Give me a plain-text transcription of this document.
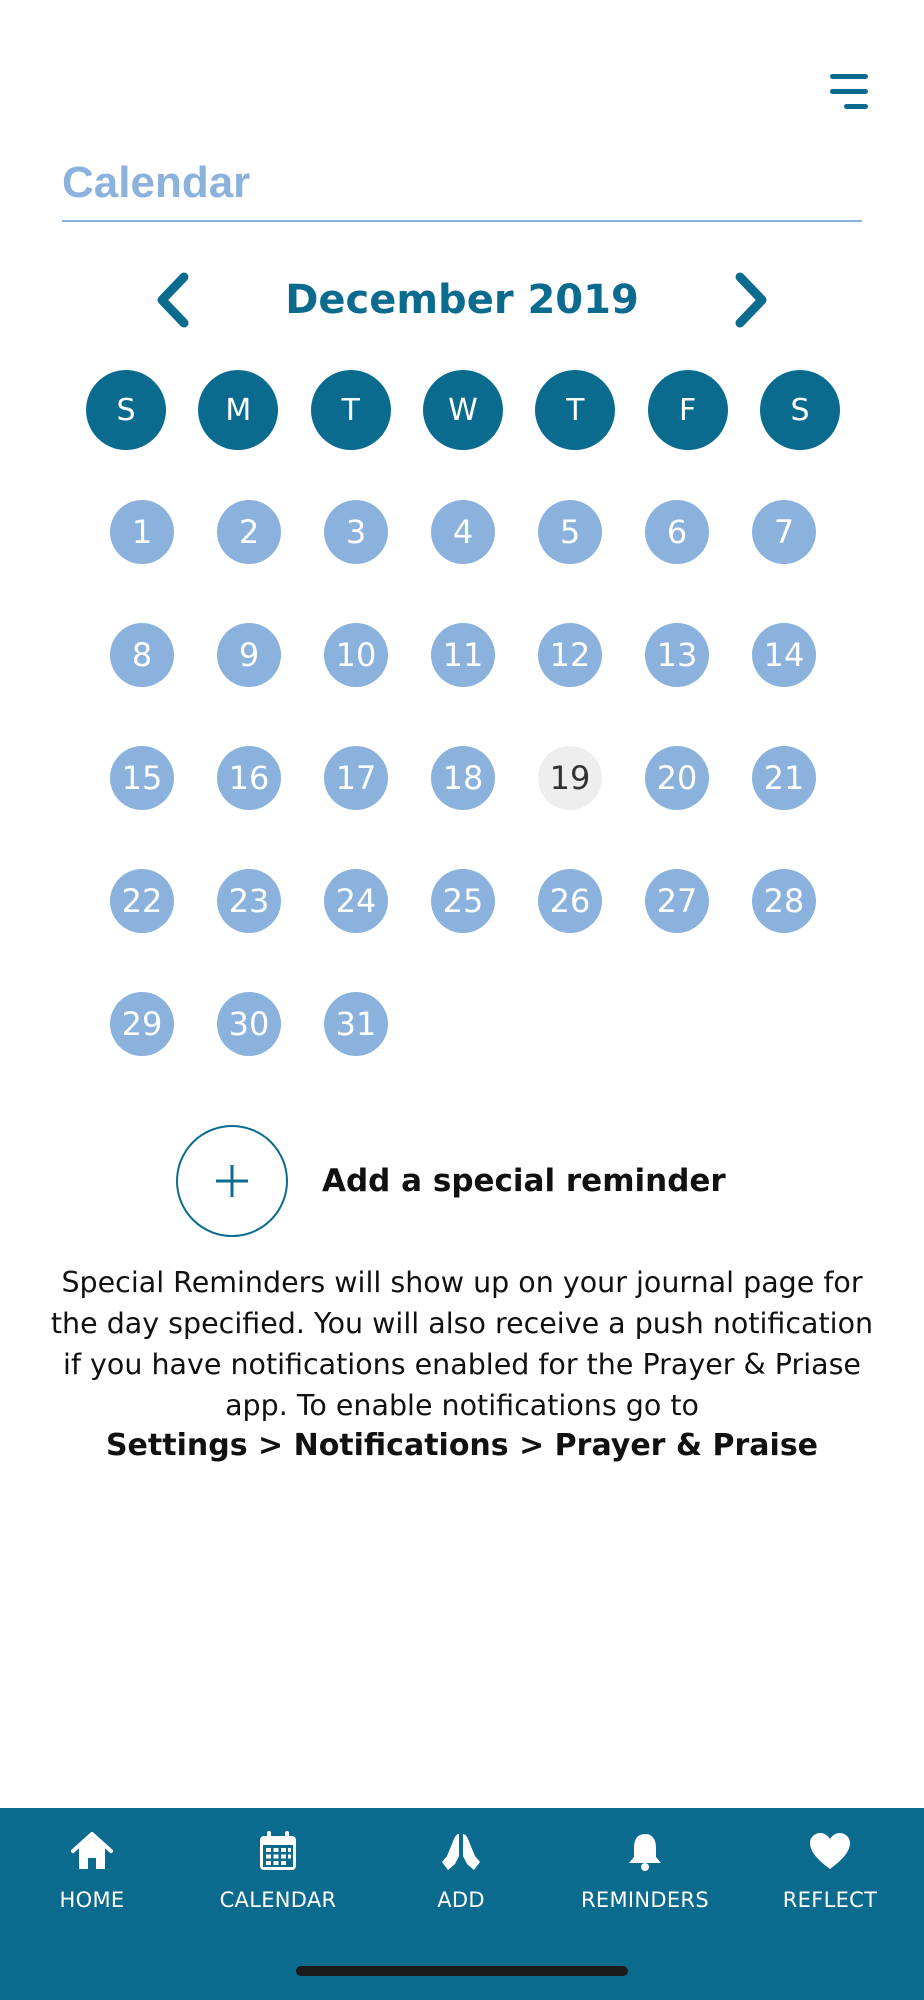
Calendar
December 2019
S	M	T	W	T	F	S
1	2	3	4	5	6	7
8	9	10	11	12	13	14
15	16	17	18	19	20	21
22	23	24	25	26	27	28
29	30	31
Add a special reminder

Special Reminders will show up on your journal page for the day specified. You will also receive a push notification if you have notifications enabled for the Prayer & Priase app. To enable notifications go to

Settings > Notifications > Prayer & Praise

HOME	CALENDAR	ADD	REMINDERS	REFLECT
